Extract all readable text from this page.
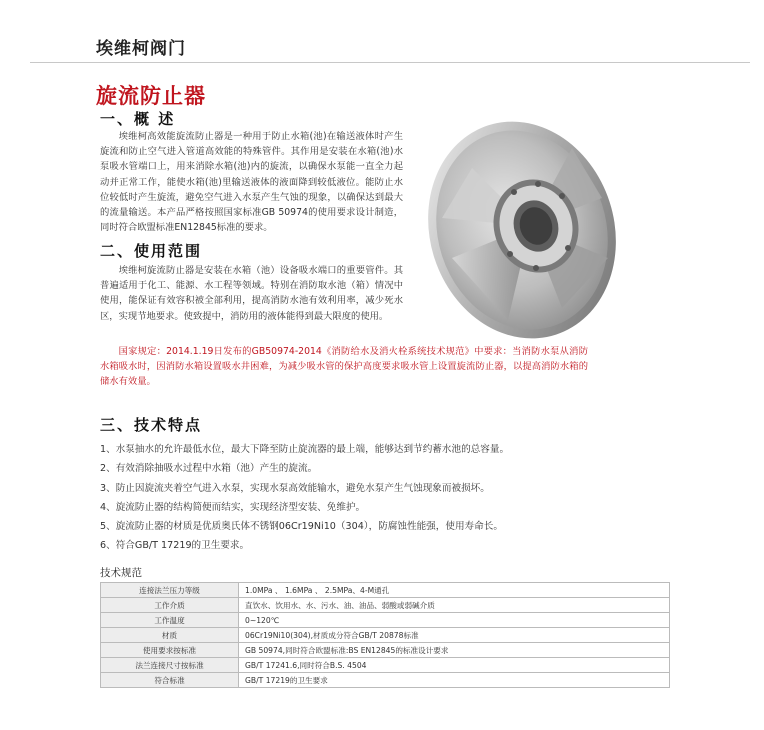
埃维柯阀门
旋流防止器
一、概 述
埃维柯高效能旋流防止器是一种用于防止水箱(池)在输送液体时产生旋流和防止空气进入管道高效能的特殊管件。其作用是安装在水箱(池)水泵吸水管端口上，用来消除水箱(池)内的旋流，以确保水泵能一直全力起动并正常工作，能使水箱(池)里输送液体的液面降到较低液位。能防止水位较低时产生旋流，避免空气进入水泵产生气蚀的现象，以确保达到最大的流量输送。本产品严格按照国家标准GB 50974的使用要求设计制造，同时符合欧盟标准EN12845标准的要求。
二、使用范围
埃维柯旋流防止器是安装在水箱（池）设备吸水端口的重要管件。其普遍适用于化工、能源、水工程等领域。特别在消防取水池（箱）情况中使用，能保证有效容积被全部利用，提高消防水池有效利用率，减少死水区，实现节地要求。使致提中，消防用的液体能得到最大限度的使用。
国家规定：2014.1.19日发布的GB50974-2014《消防给水及消火栓系统技术规范》中要求：当消防水泵从消防水箱吸水时，因消防水箱设置吸水井困难，为减少吸水管的保护高度要求吸水管上设置旋流防止器，以提高消防水箱的储水有效量。
三、技术特点
1、水泵抽水的允许最低水位，最大下降至防止旋流器的最上端，能够达到节约蓄水池的总容量。
2、有效消除抽吸水过程中水箱（池）产生的旋流。
3、防止因旋流夹着空气进入水泵，实现水泵高效能输水，避免水泵产生气蚀现象而被损坏。
4、旋流防止器的结构简便而结实，实现经济型安装、免维护。
5、旋流防止器的材质是优质奥氏体不锈钢06Cr19Ni10（304），防腐蚀性能强，使用寿命长。
6、符合GB/T 17219的卫生要求。
技术规范
连接法兰压力等级	1.0MPa 、 1.6MPa 、 2.5MPa、4-M通孔
工作介质	直饮水、饮用水、水、污水、油、油品、弱酸或弱碱介质
工作温度	0~120℃
材质	06Cr19Ni10(304),材质成分符合GB/T 20878标准
使用要求按标准	GB 50974,同时符合欧盟标准:BS EN12845的标准设计要求
法兰连接尺寸按标准	GB/T 17241.6,同时符合B.S. 4504
符合标准	GB/T 17219的卫生要求
